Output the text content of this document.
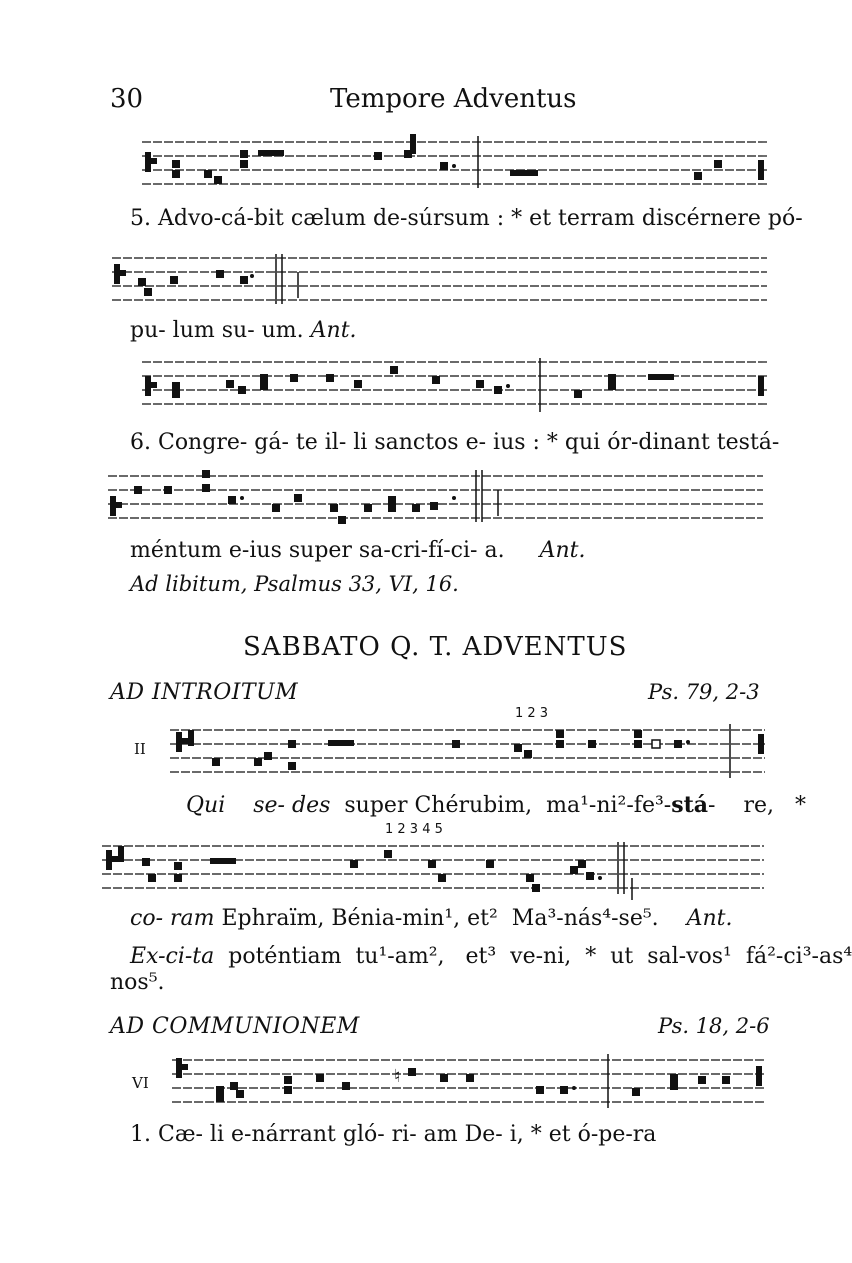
30	Tempore Adventus
5. Advo-cá-bit cælum de-súrsum : * et terram discérnere pó-
pu- lum su- um. Ant.
6. Congre- gá- te il- li sanctos e- ius : * qui ór-dinant testá-
méntum e-ius super sa-cri-fí-ci- a. Ant.
Ad libitum, Psalmus 33, VI, 16.
SABBATO Q. T. ADVENTUS
AD INTROITUM	Ps. 79, 2-3
1 2 3
II
Qui se- des  super Chérubim,  ma¹-ni²-fe³-stá-    re,   *
1 2 3 4 5
co- ram Ephraïm, Bénia-min¹, et²  Ma³-nás⁴-se⁵.    Ant.
Ex-ci-ta  poténtiam  tu¹-am²,   et³  ve-ni,  *  ut  sal-vos¹  fá²-ci³-as⁴
nos⁵.
AD COMMUNIONEM	Ps. 18, 2-6
VI	♮
1. Cæ- li e-nárrant gló- ri- am De- i, * et ó-pe-ra
